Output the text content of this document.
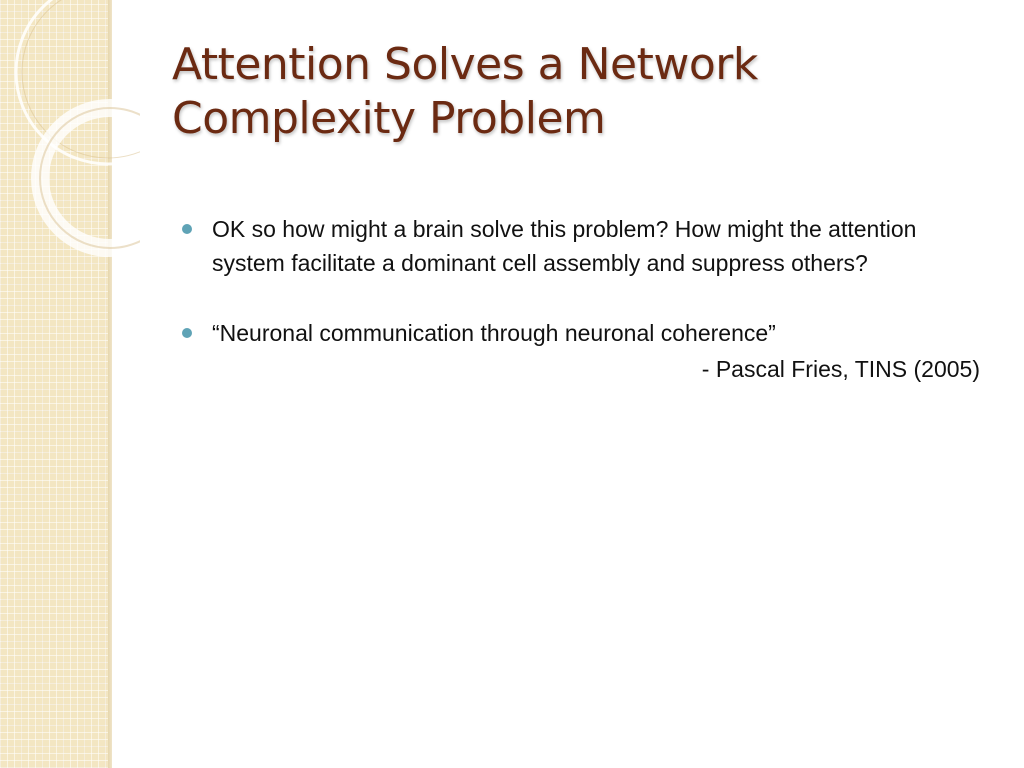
Attention Solves a Network
Complexity Problem
OK so how might a brain solve this problem? How might the attention system facilitate a dominant cell assembly and suppress others?
“Neuronal communication through neuronal coherence”
- Pascal Fries, TINS (2005)
